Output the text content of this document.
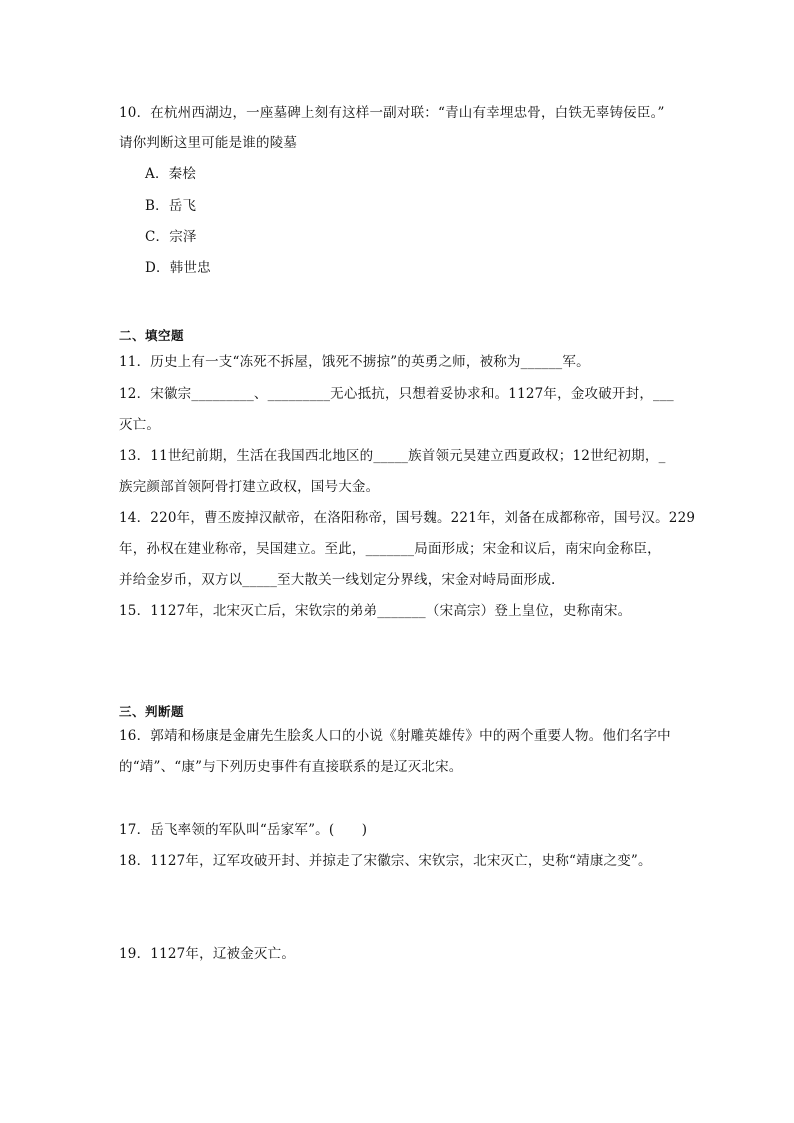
10．在杭州西湖边，一座墓碑上刻有这样一副对联：“青山有幸埋忠骨，白铁无辜铸佞臣。”
请你判断这里可能是谁的陵墓
A．秦桧
B．岳飞
C．宗泽
D．韩世忠
二、填空题
11．历史上有一支“冻死不拆屋，饿死不掳掠”的英勇之师，被称为______军。
12．宋徽宗_________、_________无心抵抗，只想着妥协求和。1127年，金攻破开封，___
灭亡。
13．11世纪前期，生活在我国西北地区的_____族首领元昊建立西夏政权；12世纪初期，_
族完颜部首领阿骨打建立政权，国号大金。
14．220年，曹丕废掉汉献帝，在洛阳称帝，国号魏。221年，刘备在成都称帝，国号汉。229
年，孙权在建业称帝，吴国建立。至此，_______局面形成；宋金和议后，南宋向金称臣，
并给金岁币，双方以_____至大散关一线划定分界线，宋金对峙局面形成.
15．1127年，北宋灭亡后，宋钦宗的弟弟_______（宋高宗）登上皇位，史称南宋。
三、判断题
16．郭靖和杨康是金庸先生脍炙人口的小说《射雕英雄传》中的两个重要人物。他们名字中
的“靖”、“康”与下列历史事件有直接联系的是辽灭北宋。
17．岳飞率领的军队叫“岳家军”。(　　)
18．1127年，辽军攻破开封、并掠走了宋徽宗、宋钦宗，北宋灭亡，史称“靖康之变”。
19．1127年，辽被金灭亡。
